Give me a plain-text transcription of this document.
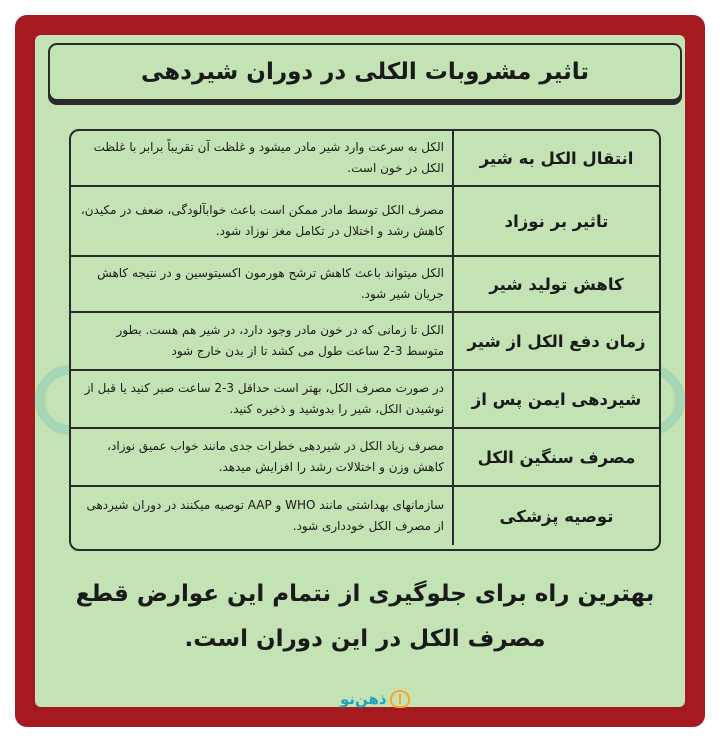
تاثیر مشروبات الکلی در دوران شیردهی
انتقال الکل به شیر
الکل به سرعت وارد شیر مادر میشود و غلظت آن تقریباً برابر با غلظت الکل در خون است.
تاثیر بر نوزاد
مصرف الکل توسط مادر ممکن است باعث خوابآلودگی، ضعف در مکیدن، کاهش رشد و اختلال در تکامل مغز نوزاد شود.
کاهش تولید شیر
الکل میتواند باعث کاهش ترشح هورمون اکسیتوسین و در نتیجه کاهش جریان شیر شود.
زمان دفع الکل از شیر
الکل تا زمانی که در خون مادر وجود دارد، در شیر هم هست. بطور متوسط 3-2 ساعت طول می کشد تا از بدن خارج شود
شیردهی ایمن پس از
در صورت مصرف الکل، بهتر است حداقل 3-2 ساعت صبر کنید یا قبل از نوشیدن الکل، شیر را بدوشید و ذخیره کنید.
مصرف سنگین الکل
مصرف زیاد الکل در شیردهی خطرات جدی مانند خواب عمیق نوزاد، کاهش وزن و اختلالات رشد را افزایش میدهد.
توصیه پزشکی
سازمانهای بهداشتی مانند WHO و AAP توصیه میکنند در دوران شیردهی از مصرف الکل خودداری شود.
بهترین راه برای جلوگیری از نتمام این عوارض قطع مصرف الکل در این دوران است.
ذهن‌نو
